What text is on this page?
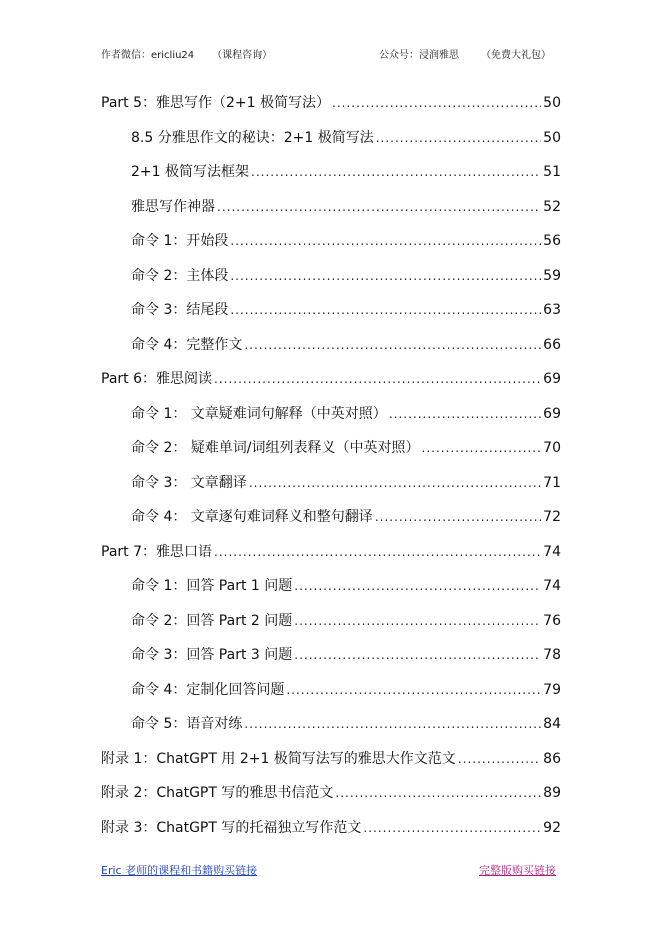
作者微信：ericliu24 （课程咨询）	公众号：浸润雅思 （免费大礼包）
Part 5：雅思写作（2+1 极简写法） .....	50
8.5 分雅思作文的秘诀：2+1 极简写法 .....	50
2+1 极简写法框架 .....	51
雅思写作神器 .....	52
命令 1：开始段 .....	56
命令 2：主体段 .....	59
命令 3：结尾段 .....	63
命令 4：完整作文 .....	66
Part 6：雅思阅读 .....	69
命令 1： 文章疑难词句解释（中英对照） .....	69
命令 2： 疑难单词/词组列表释义（中英对照） .....	70
命令 3： 文章翻译 .....	71
命令 4： 文章逐句难词释义和整句翻译 .....	72
Part 7：雅思口语 .....	74
命令 1：回答 Part 1 问题 .....	74
命令 2：回答 Part 2 问题 .....	76
命令 3：回答 Part 3 问题 .....	78
命令 4：定制化回答问题 .....	79
命令 5：语音对练 .....	84
附录 1：ChatGPT 用 2+1 极简写法写的雅思大作文范文 .....	86
附录 2：ChatGPT 写的雅思书信范文 .....	89
附录 3：ChatGPT 写的托福独立写作范文 .....	92
Eric 老师的课程和书籍购买链接	完整版购买链接
